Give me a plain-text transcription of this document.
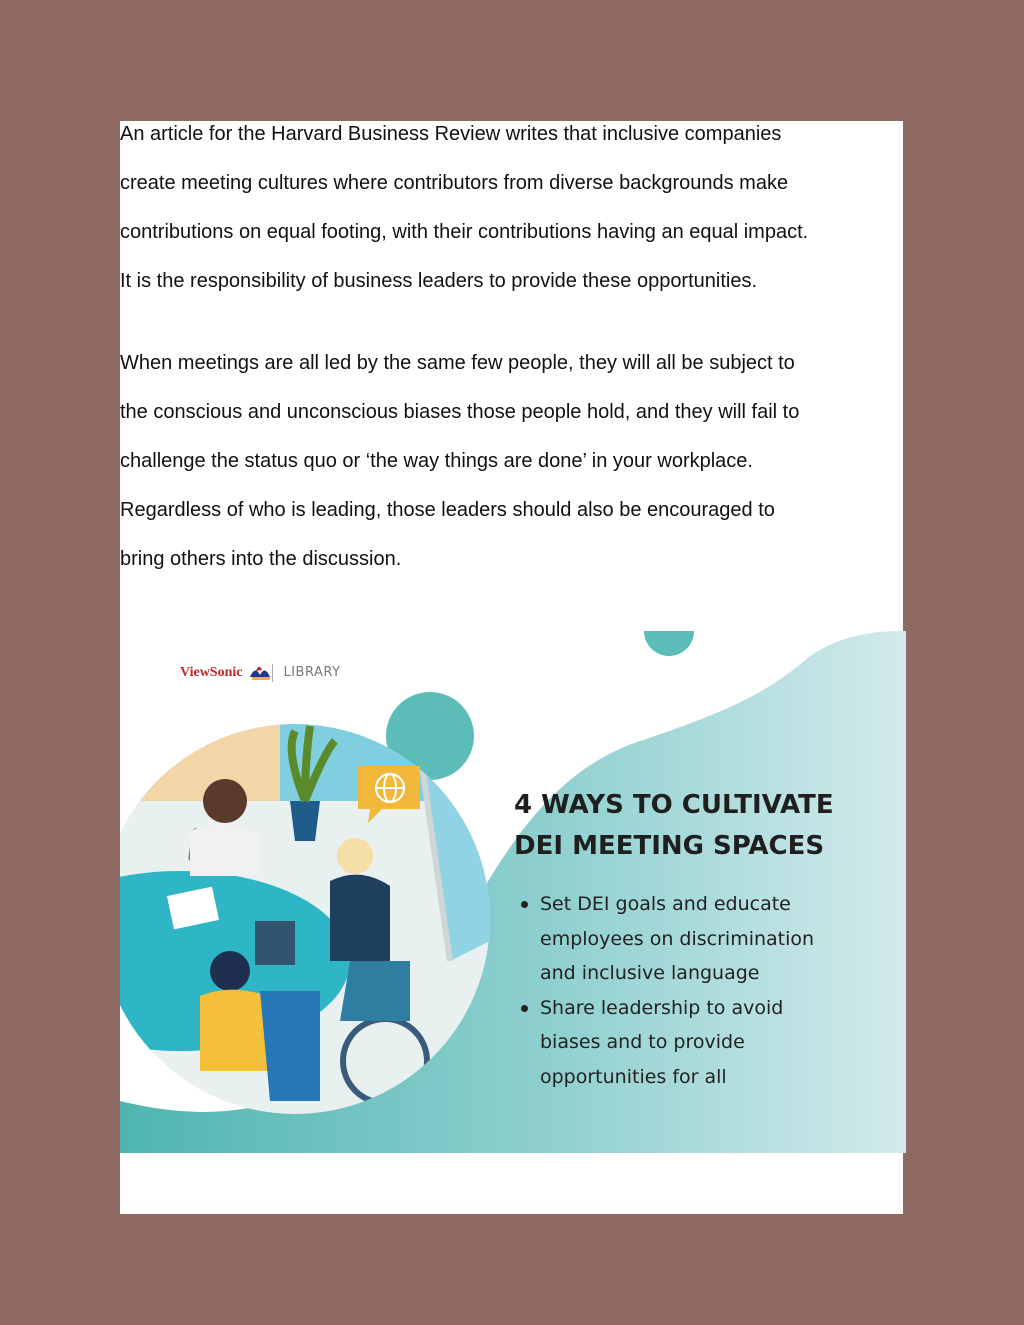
An article for the Harvard Business Review writes that inclusive companies
create meeting cultures where contributors from diverse backgrounds make
contributions on equal footing, with their contributions having an equal impact.
It is the responsibility of business leaders to provide these opportunities.

When meetings are all led by the same few people, they will all be subject to
the conscious and unconscious biases those people hold, and they will fail to
challenge the status quo or ‘the way things are done’ in your workplace.
Regardless of who is leading, those leaders should also be encouraged to
bring others into the discussion.

ViewSonic	LIBRARY
4 WAYS TO CULTIVATE
DEI MEETING SPACES
Set DEI goals and educate
employees on discrimination
and inclusive language
Share leadership to avoid
biases and to provide
opportunities for all
